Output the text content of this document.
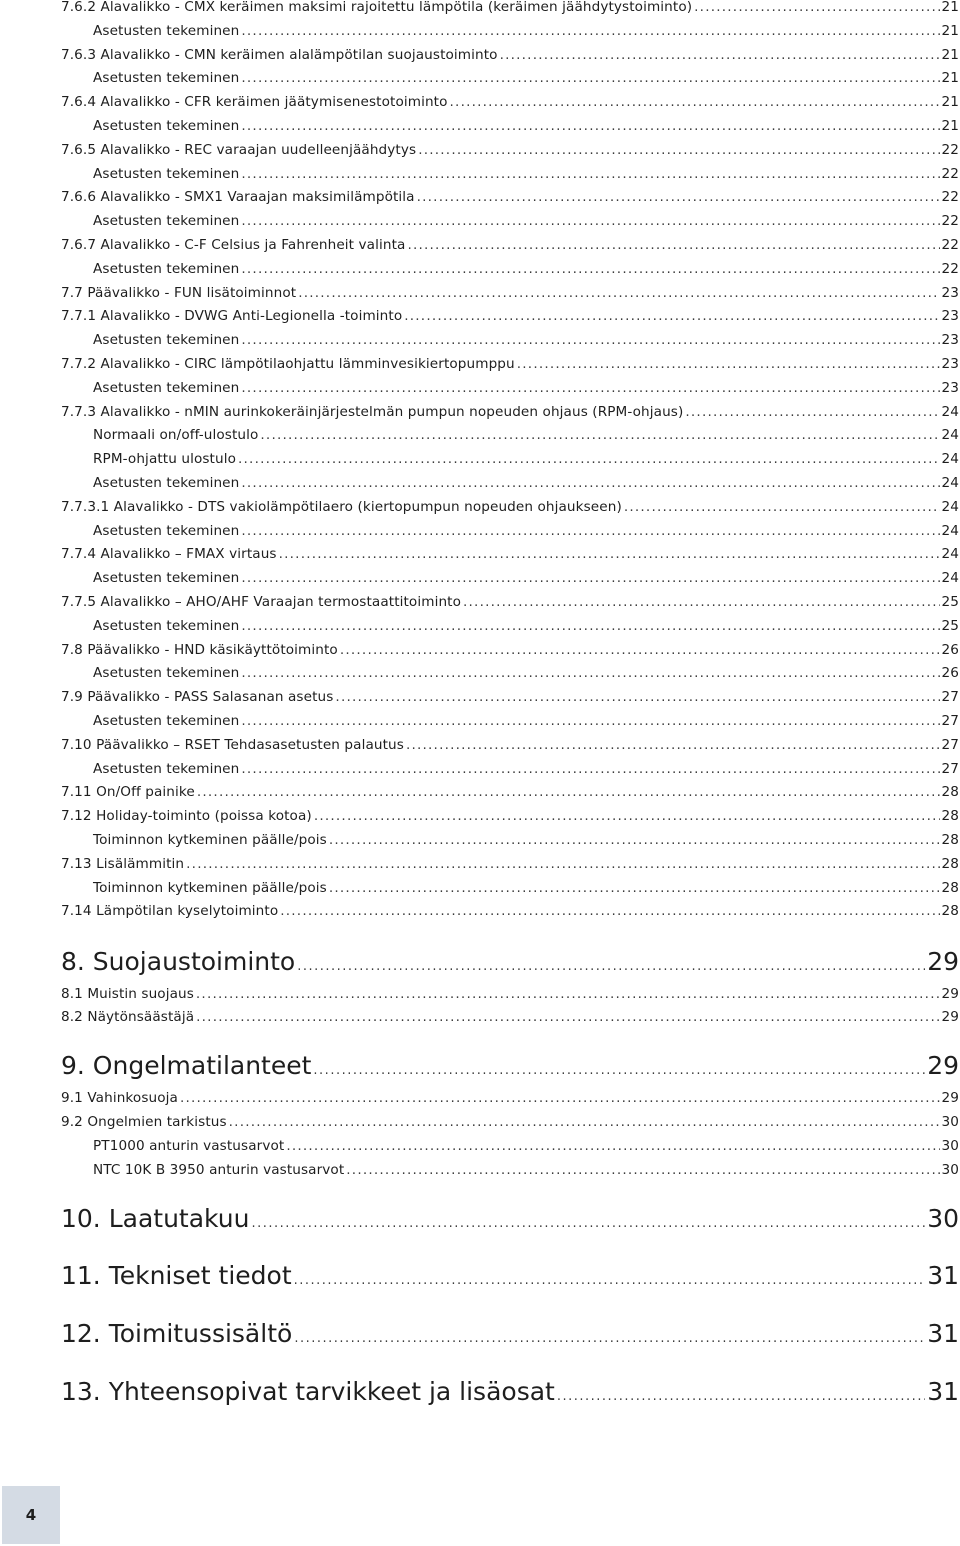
7.6.2 Alavalikko - CMX keräimen maksimi rajoitettu lämpötila (keräimen jäähdytystoiminto) .....	21
Asetusten tekeminen .....	21
7.6.3 Alavalikko - CMN keräimen alalämpötilan suojaustoiminto .....	21
Asetusten tekeminen .....	21
7.6.4 Alavalikko - CFR keräimen jäätymisenestotoiminto .....	21
Asetusten tekeminen .....	21
7.6.5 Alavalikko - REC varaajan uudelleenjäähdytys .....	22
Asetusten tekeminen .....	22
7.6.6 Alavalikko - SMX1 Varaajan maksimilämpötila .....	22
Asetusten tekeminen .....	22
7.6.7 Alavalikko - C-F Celsius ja Fahrenheit valinta .....	22
Asetusten tekeminen .....	22
7.7 Päävalikko - FUN lisätoiminnot .....	23
7.7.1 Alavalikko - DVWG Anti-Legionella -toiminto .....	23
Asetusten tekeminen .....	23
7.7.2 Alavalikko - CIRC lämpötilaohjattu lämminvesikiertopumppu .....	23
Asetusten tekeminen .....	23
7.7.3 Alavalikko - nMIN aurinkokeräinjärjestelmän pumpun nopeuden ohjaus (RPM-ohjaus) .....	24
Normaali on/off-ulostulo .....	24
RPM-ohjattu ulostulo .....	24
Asetusten tekeminen .....	24
7.7.3.1 Alavalikko - DTS vakiolämpötilaero (kiertopumpun nopeuden ohjaukseen) .....	24
Asetusten tekeminen .....	24
7.7.4 Alavalikko – FMAX virtaus .....	24
Asetusten tekeminen .....	24
7.7.5 Alavalikko – AHO/AHF Varaajan termostaattitoiminto .....	25
Asetusten tekeminen .....	25
7.8 Päävalikko - HND käsikäyttötoiminto .....	26
Asetusten tekeminen .....	26
7.9 Päävalikko - PASS Salasanan asetus .....	27
Asetusten tekeminen .....	27
7.10 Päävalikko – RSET Tehdasasetusten palautus .....	27
Asetusten tekeminen .....	27
7.11 On/Off painike .....	28
7.12 Holiday-toiminto (poissa kotoa) .....	28
Toiminnon kytkeminen päälle/pois .....	28
7.13 Lisälämmitin .....	28
Toiminnon kytkeminen päälle/pois .....	28
7.14 Lämpötilan kyselytoiminto .....	28
8. Suojaustoiminto .....	29
8.1 Muistin suojaus .....	29
8.2 Näytönsäästäjä .....	29
9. Ongelmatilanteet .....	29
9.1 Vahinkosuoja .....	29
9.2 Ongelmien tarkistus .....	30
PT1000 anturin vastusarvot .....	30
NTC 10K B 3950 anturin vastusarvot .....	30
10. Laatutakuu .....	30
11. Tekniset tiedot .....	31
12. Toimitussisältö .....	31
13. Yhteensopivat tarvikkeet ja lisäosat .....	31
4
